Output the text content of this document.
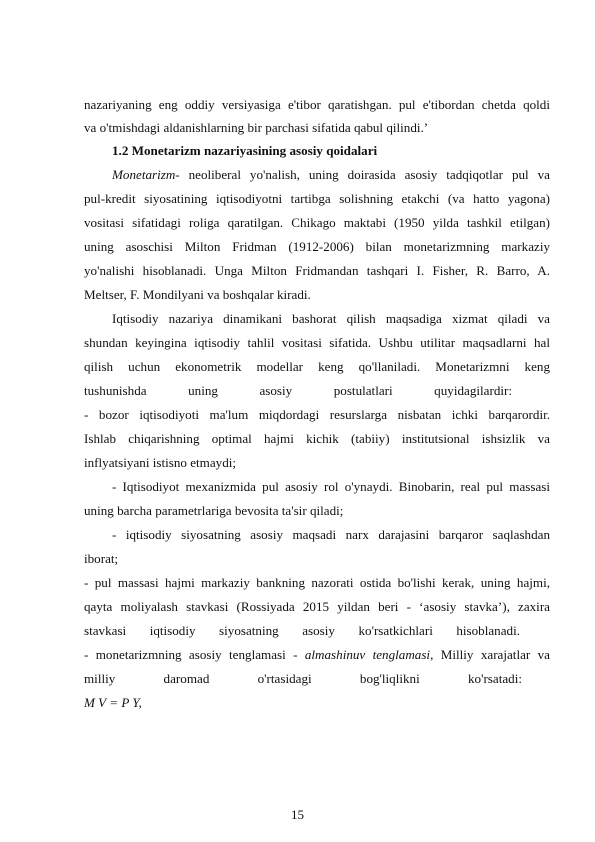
nazariyaning eng oddiy versiyasiga e'tibor qaratishgan. pul e'tibordan chetda qoldi
va o'tmishdagi aldanishlarning bir parchasi sifatida qabul qilindi.’
1.2 Monetarizm nazariyasining asosiy qoidalari
Monetarizm- neoliberal yo'nalish, uning doirasida asosiy tadqiqotlar pul va
pul-kredit siyosatining iqtisodiyotni tartibga solishning etakchi (va hatto yagona)
vositasi sifatidagi roliga qaratilgan. Chikago maktabi (1950 yilda tashkil etilgan)
uning asoschisi Milton Fridman (1912-2006) bilan monetarizmning markaziy
yo'nalishi hisoblanadi. Unga Milton Fridmandan tashqari I. Fisher, R. Barro, A.
Meltser, F. Mondilyani va boshqalar kiradi.
Iqtisodiy nazariya dinamikani bashorat qilish maqsadiga xizmat qiladi va
shundan keyingina iqtisodiy tahlil vositasi sifatida. Ushbu utilitar maqsadlarni hal
qilish uchun ekonometrik modellar keng qo'llaniladi. Monetarizmni keng
tushunishda uning asosiy postulatlari quyidagilardir:
- bozor iqtisodiyoti ma'lum miqdordagi resurslarga nisbatan ichki barqarordir.
Ishlab chiqarishning optimal hajmi kichik (tabiiy) institutsional ishsizlik va
inflyatsiyani istisno etmaydi;
- Iqtisodiyot mexanizmida pul asosiy rol o'ynaydi. Binobarin, real pul massasi
uning barcha parametrlariga bevosita ta'sir qiladi;
- iqtisodiy siyosatning asosiy maqsadi narx darajasini barqaror saqlashdan
iborat;
- pul massasi hajmi markaziy bankning nazorati ostida bo'lishi kerak, uning hajmi,
qayta moliyalash stavkasi (Rossiyada 2015 yildan beri - ‘asosiy stavka’), zaxira
stavkasi iqtisodiy siyosatning asosiy ko'rsatkichlari hisoblanadi.
- monetarizmning asosiy tenglamasi - almashinuv tenglamasi, Milliy xarajatlar va
milliy daromad o'rtasidagi bog'liqlikni ko'rsatadi:
M V = P Y,
15
